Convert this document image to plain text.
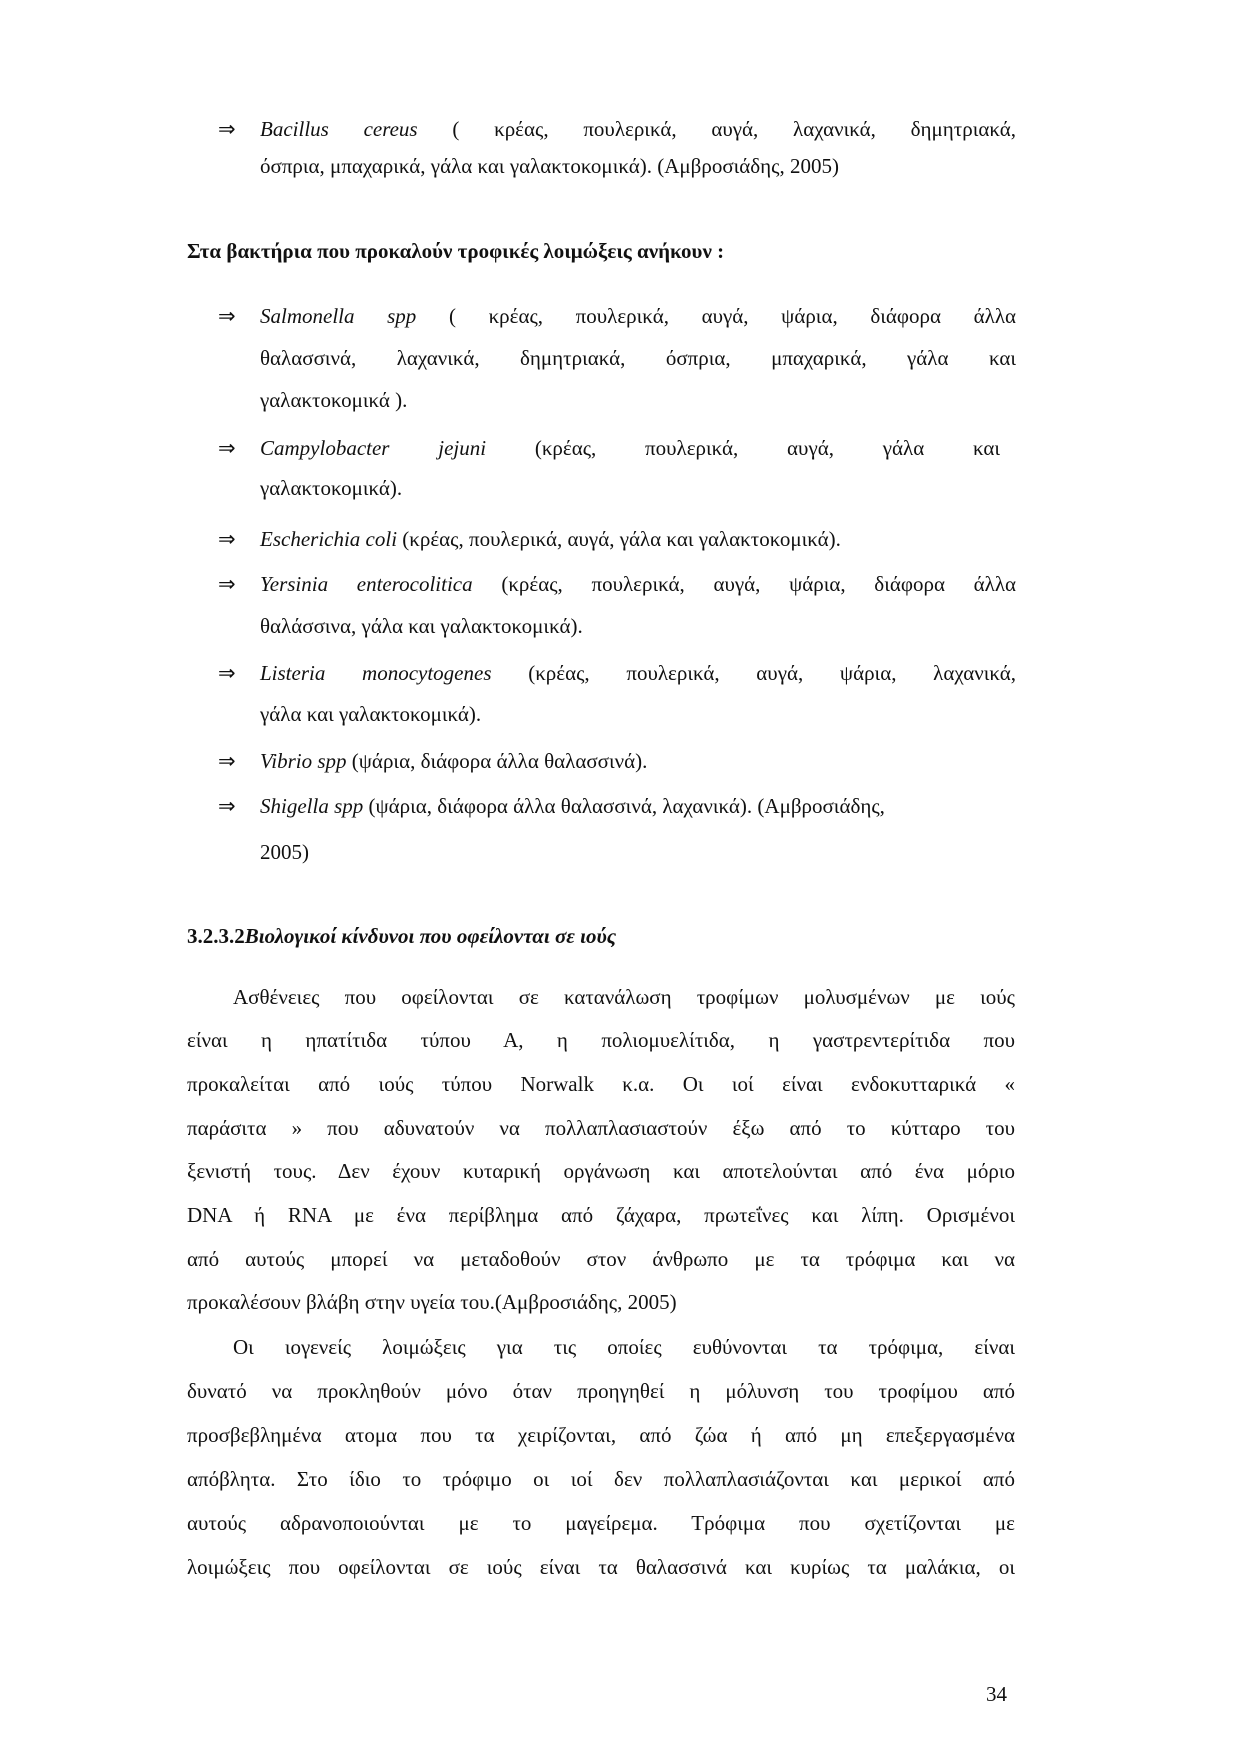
⇒ Bacillus cereus ( κρέας, πουλερικά, αυγά, λαχανικά, δημητριακά,
όσπρια, μπαχαρικά, γάλα και γαλακτοκομικά). (Αμβροσιάδης, 2005)
Στα βακτήρια που προκαλούν τροφικές λοιμώξεις ανήκουν :
⇒ Salmonella spp ( κρέας, πουλερικά, αυγά, ψάρια, διάφορα άλλα
θαλασσινά, λαχανικά, δημητριακά, όσπρια, μπαχαρικά, γάλα και
γαλακτοκομικά ).
⇒ Campylobacter jejuni (κρέας, πουλερικά, αυγά, γάλα και
γαλακτοκομικά).
⇒ Escherichia coli (κρέας, πουλερικά, αυγά, γάλα και γαλακτοκομικά).
⇒ Yersinia enterocolitica (κρέας, πουλερικά, αυγά, ψάρια, διάφορα άλλα
θαλάσσινα, γάλα και γαλακτοκομικά).
⇒ Listeria monocytogenes (κρέας, πουλερικά, αυγά, ψάρια, λαχανικά,
γάλα και γαλακτοκομικά).
⇒ Vibrio spp (ψάρια, διάφορα άλλα θαλασσινά).
⇒ Shigella spp (ψάρια, διάφορα άλλα θαλασσινά, λαχανικά). (Αμβροσιάδης,
2005)
3.2.3.2Βιολογικοί κίνδυνοι που οφείλονται σε ιούς
Ασθένειες που οφείλονται σε κατανάλωση τροφίμων μολυσμένων με ιούς
είναι η ηπατίτιδα τύπου Α, η πολιομυελίτιδα, η γαστρεντερίτιδα που
προκαλείται από ιούς τύπου Norwalk κ.α. Οι ιοί είναι ενδοκυτταρικά «
παράσιτα » που αδυνατούν να πολλαπλασιαστούν έξω από το κύτταρο του
ξενιστή τους. Δεν έχουν κυταρική οργάνωση και αποτελούνται από ένα μόριο
DNA ή RNA με ένα περίβλημα από ζάχαρα, πρωτεΐνες και λίπη. Ορισμένοι
από αυτούς μπορεί να μεταδοθούν στον άνθρωπο με τα τρόφιμα και να
προκαλέσουν βλάβη στην υγεία του.(Αμβροσιάδης, 2005)
Οι ιογενείς λοιμώξεις για τις οποίες ευθύνονται τα τρόφιμα, είναι
δυνατό να προκληθούν μόνο όταν προηγηθεί η μόλυνση του τροφίμου από
προσβεβλημένα ατομα που τα χειρίζονται, από ζώα ή από μη επεξεργασμένα
απόβλητα. Στο ίδιο το τρόφιμο οι ιοί δεν πολλαπλασιάζονται και μερικοί από
αυτούς αδρανοποιούνται με το μαγείρεμα. Τρόφιμα που σχετίζονται με
λοιμώξεις που οφείλονται σε ιούς είναι τα θαλασσινά και κυρίως τα μαλάκια, οι
34
